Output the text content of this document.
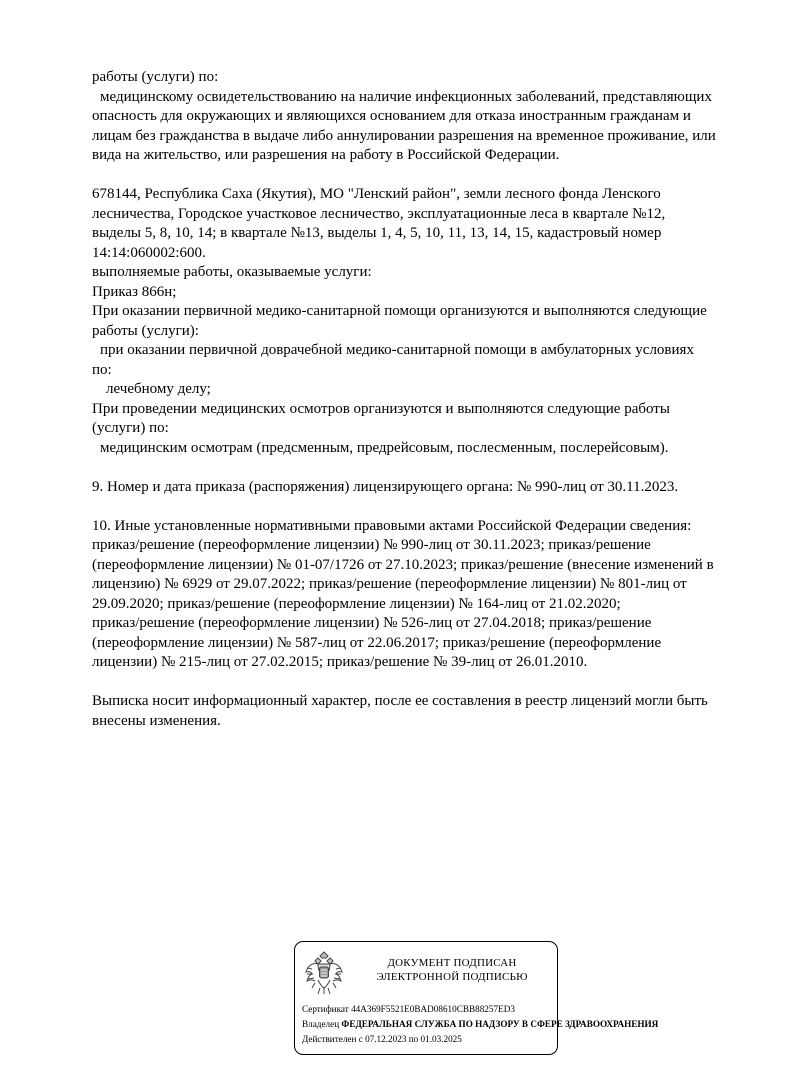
работы (услуги) по:
медицинскому освидетельствованию на наличие инфекционных заболеваний, представляющих
опасность для окружающих и являющихся основанием для отказа иностранным гражданам и
лицам без гражданства в выдаче либо аннулировании разрешения на временное проживание, или
вида на жительство, или разрешения на работу в Российской Федерации.
678144, Республика Саха (Якутия), МО "Ленский район", земли лесного фонда Ленского
лесничества, Городское участковое лесничество, эксплуатационные леса в квартале №12,
выделы 5, 8, 10, 14; в квартале №13, выделы 1, 4, 5, 10, 11, 13, 14, 15, кадастровый номер
14:14:060002:600.
выполняемые работы, оказываемые услуги:
Приказ 866н;
При оказании первичной медико-санитарной помощи организуются и выполняются следующие
работы (услуги):
при оказании первичной доврачебной медико-санитарной помощи в амбулаторных условиях
по:
лечебному делу;
При проведении медицинских осмотров организуются и выполняются следующие работы
(услуги) по:
медицинским осмотрам (предсменным, предрейсовым, послесменным, послерейсовым).
9. Номер и дата приказа (распоряжения) лицензирующего органа: № 990-лиц от 30.11.2023.
10. Иные установленные нормативными правовыми актами Российской Федерации сведения:
приказ/решение (переоформление лицензии) № 990-лиц от 30.11.2023; приказ/решение
(переоформление лицензии) № 01-07/1726 от 27.10.2023; приказ/решение (внесение изменений в
лицензию) № 6929 от 29.07.2022; приказ/решение (переоформление лицензии) № 801-лиц от
29.09.2020; приказ/решение (переоформление лицензии) № 164-лиц от 21.02.2020;
приказ/решение (переоформление лицензии) № 526-лиц от 27.04.2018; приказ/решение
(переоформление лицензии) № 587-лиц от 22.06.2017; приказ/решение (переоформление
лицензии) № 215-лиц от 27.02.2015; приказ/решение № 39-лиц от 26.01.2010.
Выписка носит информационный характер, после ее составления в реестр лицензий могли быть
внесены изменения.
ДОКУМЕНТ ПОДПИСАН
ЭЛЕКТРОННОЙ ПОДПИСЬЮ
Сертификат 44A369F5521E0BAD08610CBB88257ED3
Владелец ФЕДЕРАЛЬНАЯ СЛУЖБА ПО НАДЗОРУ В СФЕРЕ ЗДРАВООХРАНЕНИЯ
Действителен с 07.12.2023 по 01.03.2025
